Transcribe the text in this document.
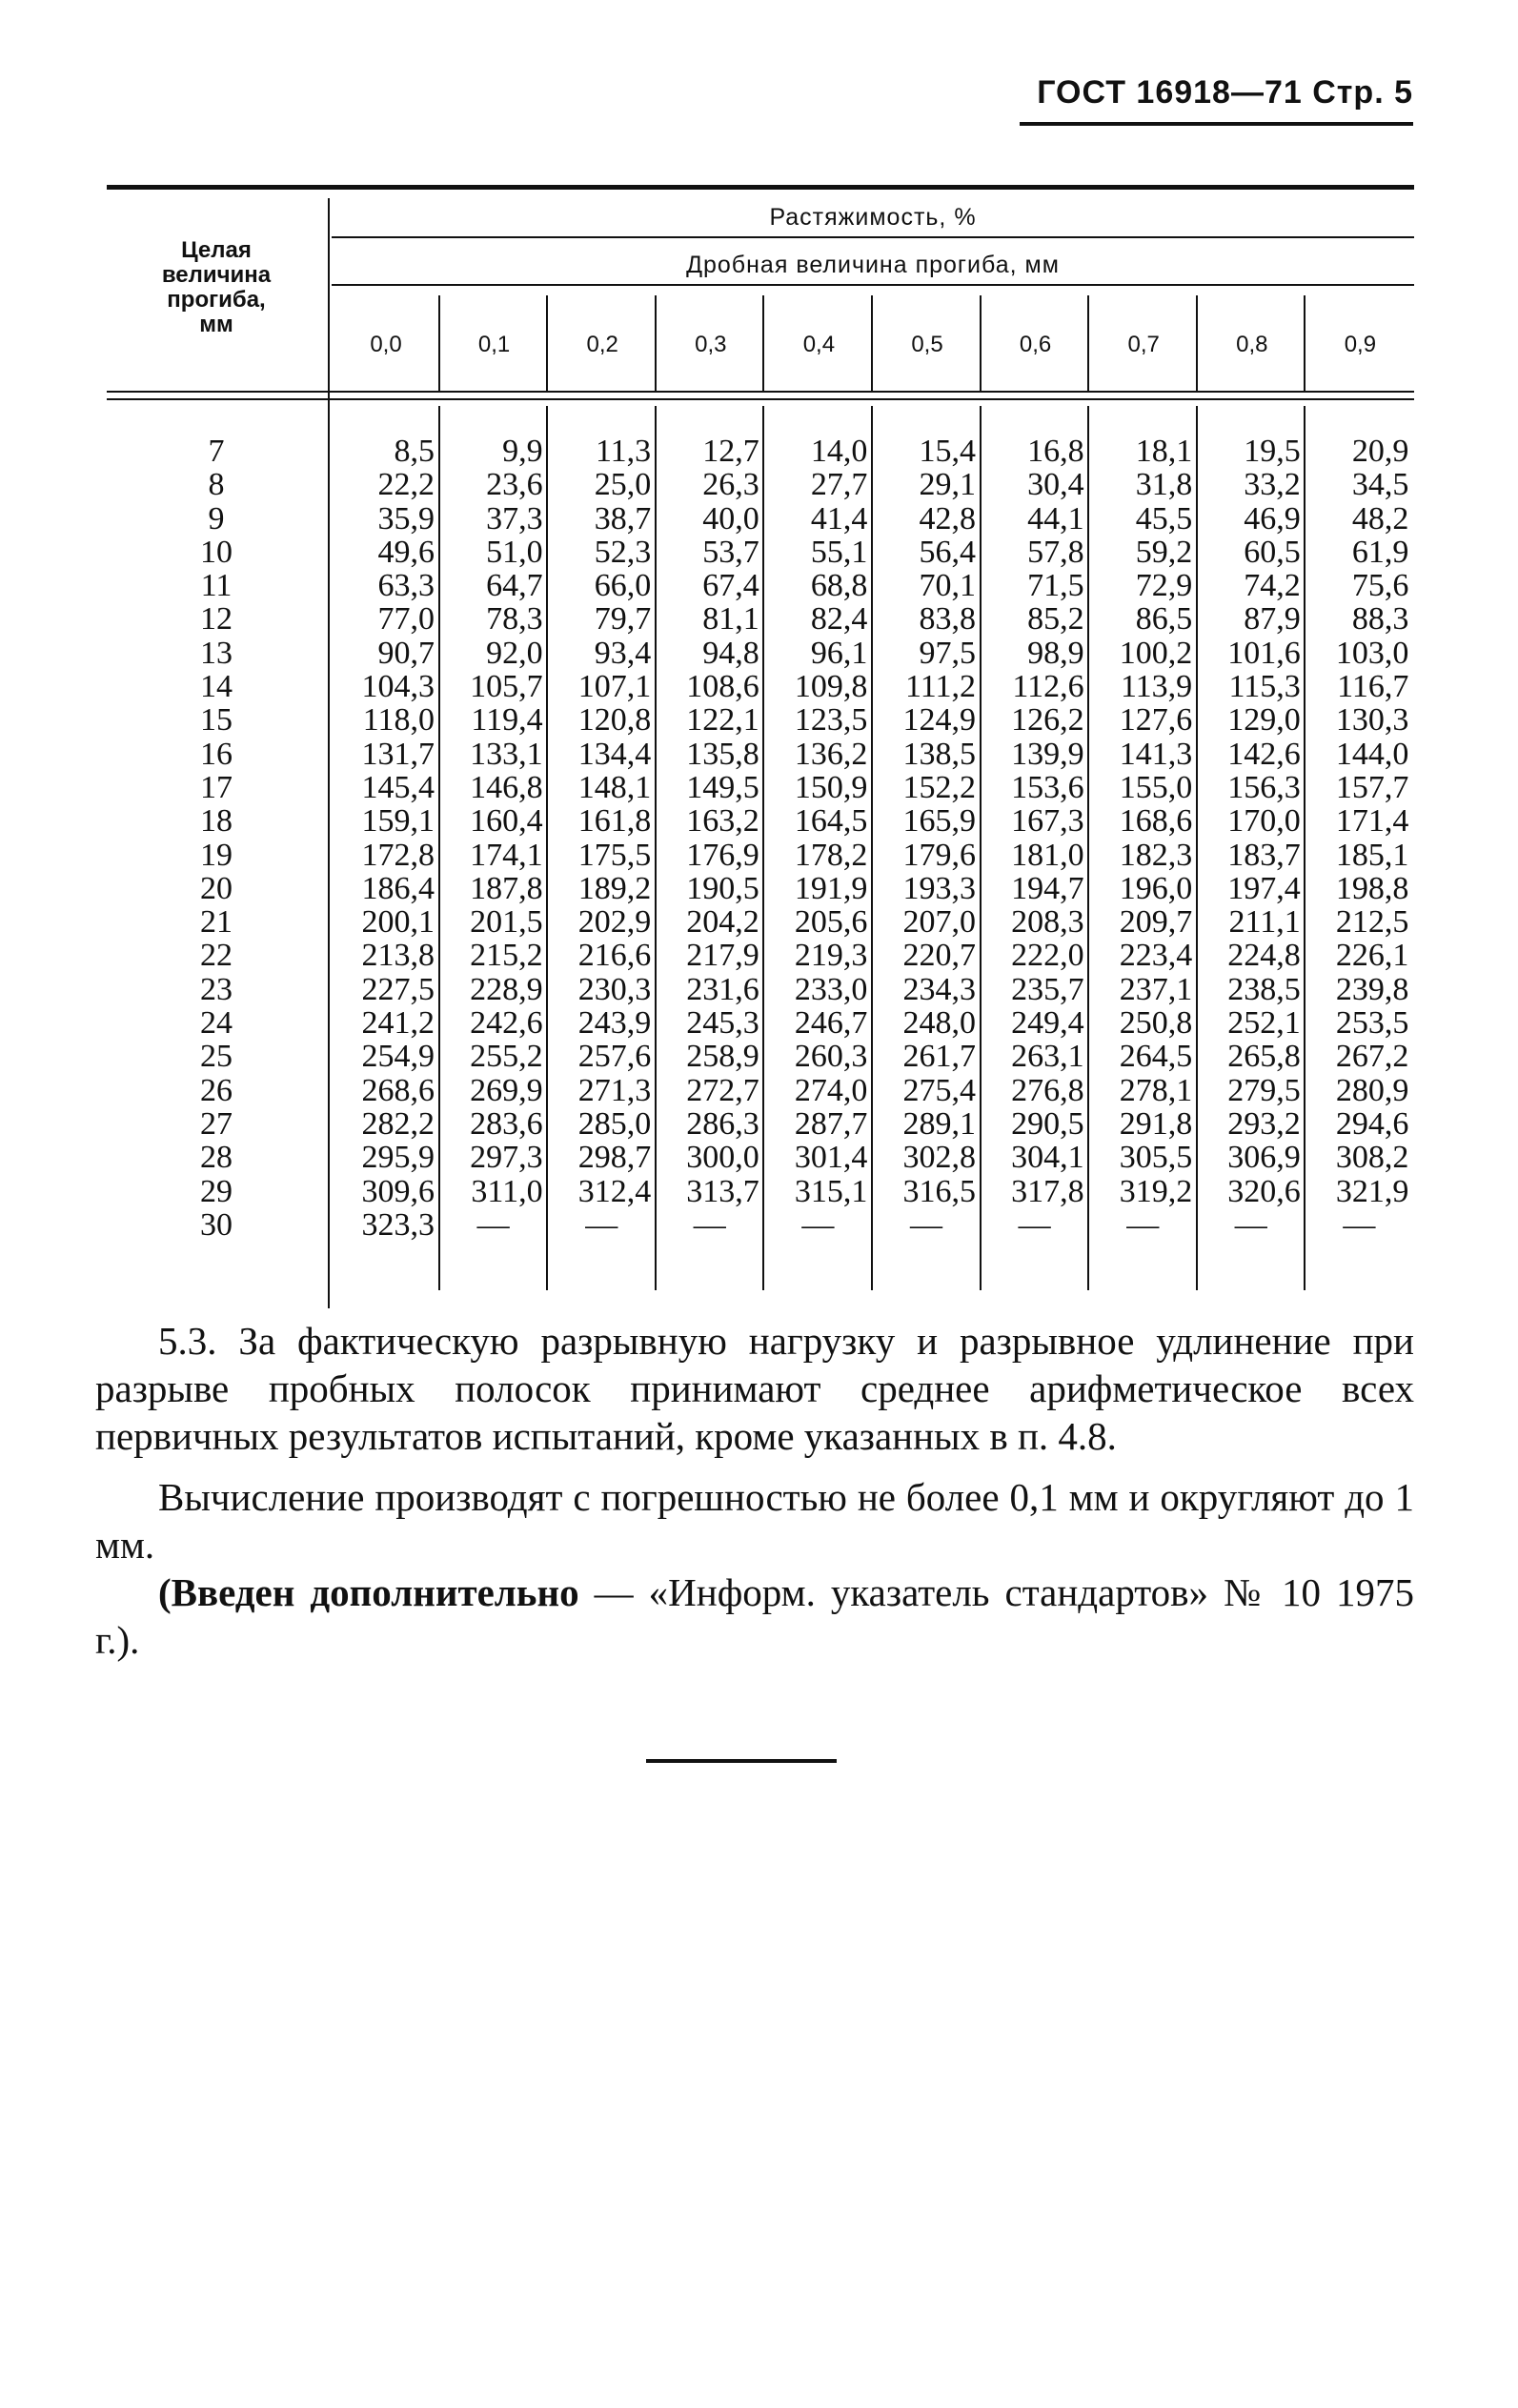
ГОСТ 16918—71 Стр. 5
Целая
величина
прогиба,
мм
Растяжимость, %
Дробная величина прогиба, мм
0,0	0,1	0,2	0,3	0,4	0,5	0,6	0,7	0,8	0,9
7	8,5	9,9	11,3	12,7	14,0	15,4	16,8	18,1	19,5	20,9
8	22,2	23,6	25,0	26,3	27,7	29,1	30,4	31,8	33,2	34,5
9	35,9	37,3	38,7	40,0	41,4	42,8	44,1	45,5	46,9	48,2
10	49,6	51,0	52,3	53,7	55,1	56,4	57,8	59,2	60,5	61,9
11	63,3	64,7	66,0	67,4	68,8	70,1	71,5	72,9	74,2	75,6
12	77,0	78,3	79,7	81,1	82,4	83,8	85,2	86,5	87,9	88,3
13	90,7	92,0	93,4	94,8	96,1	97,5	98,9	100,2	101,6	103,0
14	104,3	105,7	107,1	108,6	109,8	111,2	112,6	113,9	115,3	116,7
15	118,0	119,4	120,8	122,1	123,5	124,9	126,2	127,6	129,0	130,3
16	131,7	133,1	134,4	135,8	136,2	138,5	139,9	141,3	142,6	144,0
17	145,4	146,8	148,1	149,5	150,9	152,2	153,6	155,0	156,3	157,7
18	159,1	160,4	161,8	163,2	164,5	165,9	167,3	168,6	170,0	171,4
19	172,8	174,1	175,5	176,9	178,2	179,6	181,0	182,3	183,7	185,1
20	186,4	187,8	189,2	190,5	191,9	193,3	194,7	196,0	197,4	198,8
21	200,1	201,5	202,9	204,2	205,6	207,0	208,3	209,7	211,1	212,5
22	213,8	215,2	216,6	217,9	219,3	220,7	222,0	223,4	224,8	226,1
23	227,5	228,9	230,3	231,6	233,0	234,3	235,7	237,1	238,5	239,8
24	241,2	242,6	243,9	245,3	246,7	248,0	249,4	250,8	252,1	253,5
25	254,9	255,2	257,6	258,9	260,3	261,7	263,1	264,5	265,8	267,2
26	268,6	269,9	271,3	272,7	274,0	275,4	276,8	278,1	279,5	280,9
27	282,2	283,6	285,0	286,3	287,7	289,1	290,5	291,8	293,2	294,6
28	295,9	297,3	298,7	300,0	301,4	302,8	304,1	305,5	306,9	308,2
29	309,6	311,0	312,4	313,7	315,1	316,5	317,8	319,2	320,6	321,9
30	323,3	—	—	—	—	—	—	—	—	—
5.3. За фактическую разрывную нагрузку и разрывное удлинение при разрыве пробных полосок принимают среднее арифметическое всех первичных результатов испытаний, кроме указанных в п. 4.8.
Вычисление производят с погрешностью не более 0,1 мм и округляют до 1 мм.
(Введен дополнительно — «Информ. указатель стандартов» № 10 1975 г.).
